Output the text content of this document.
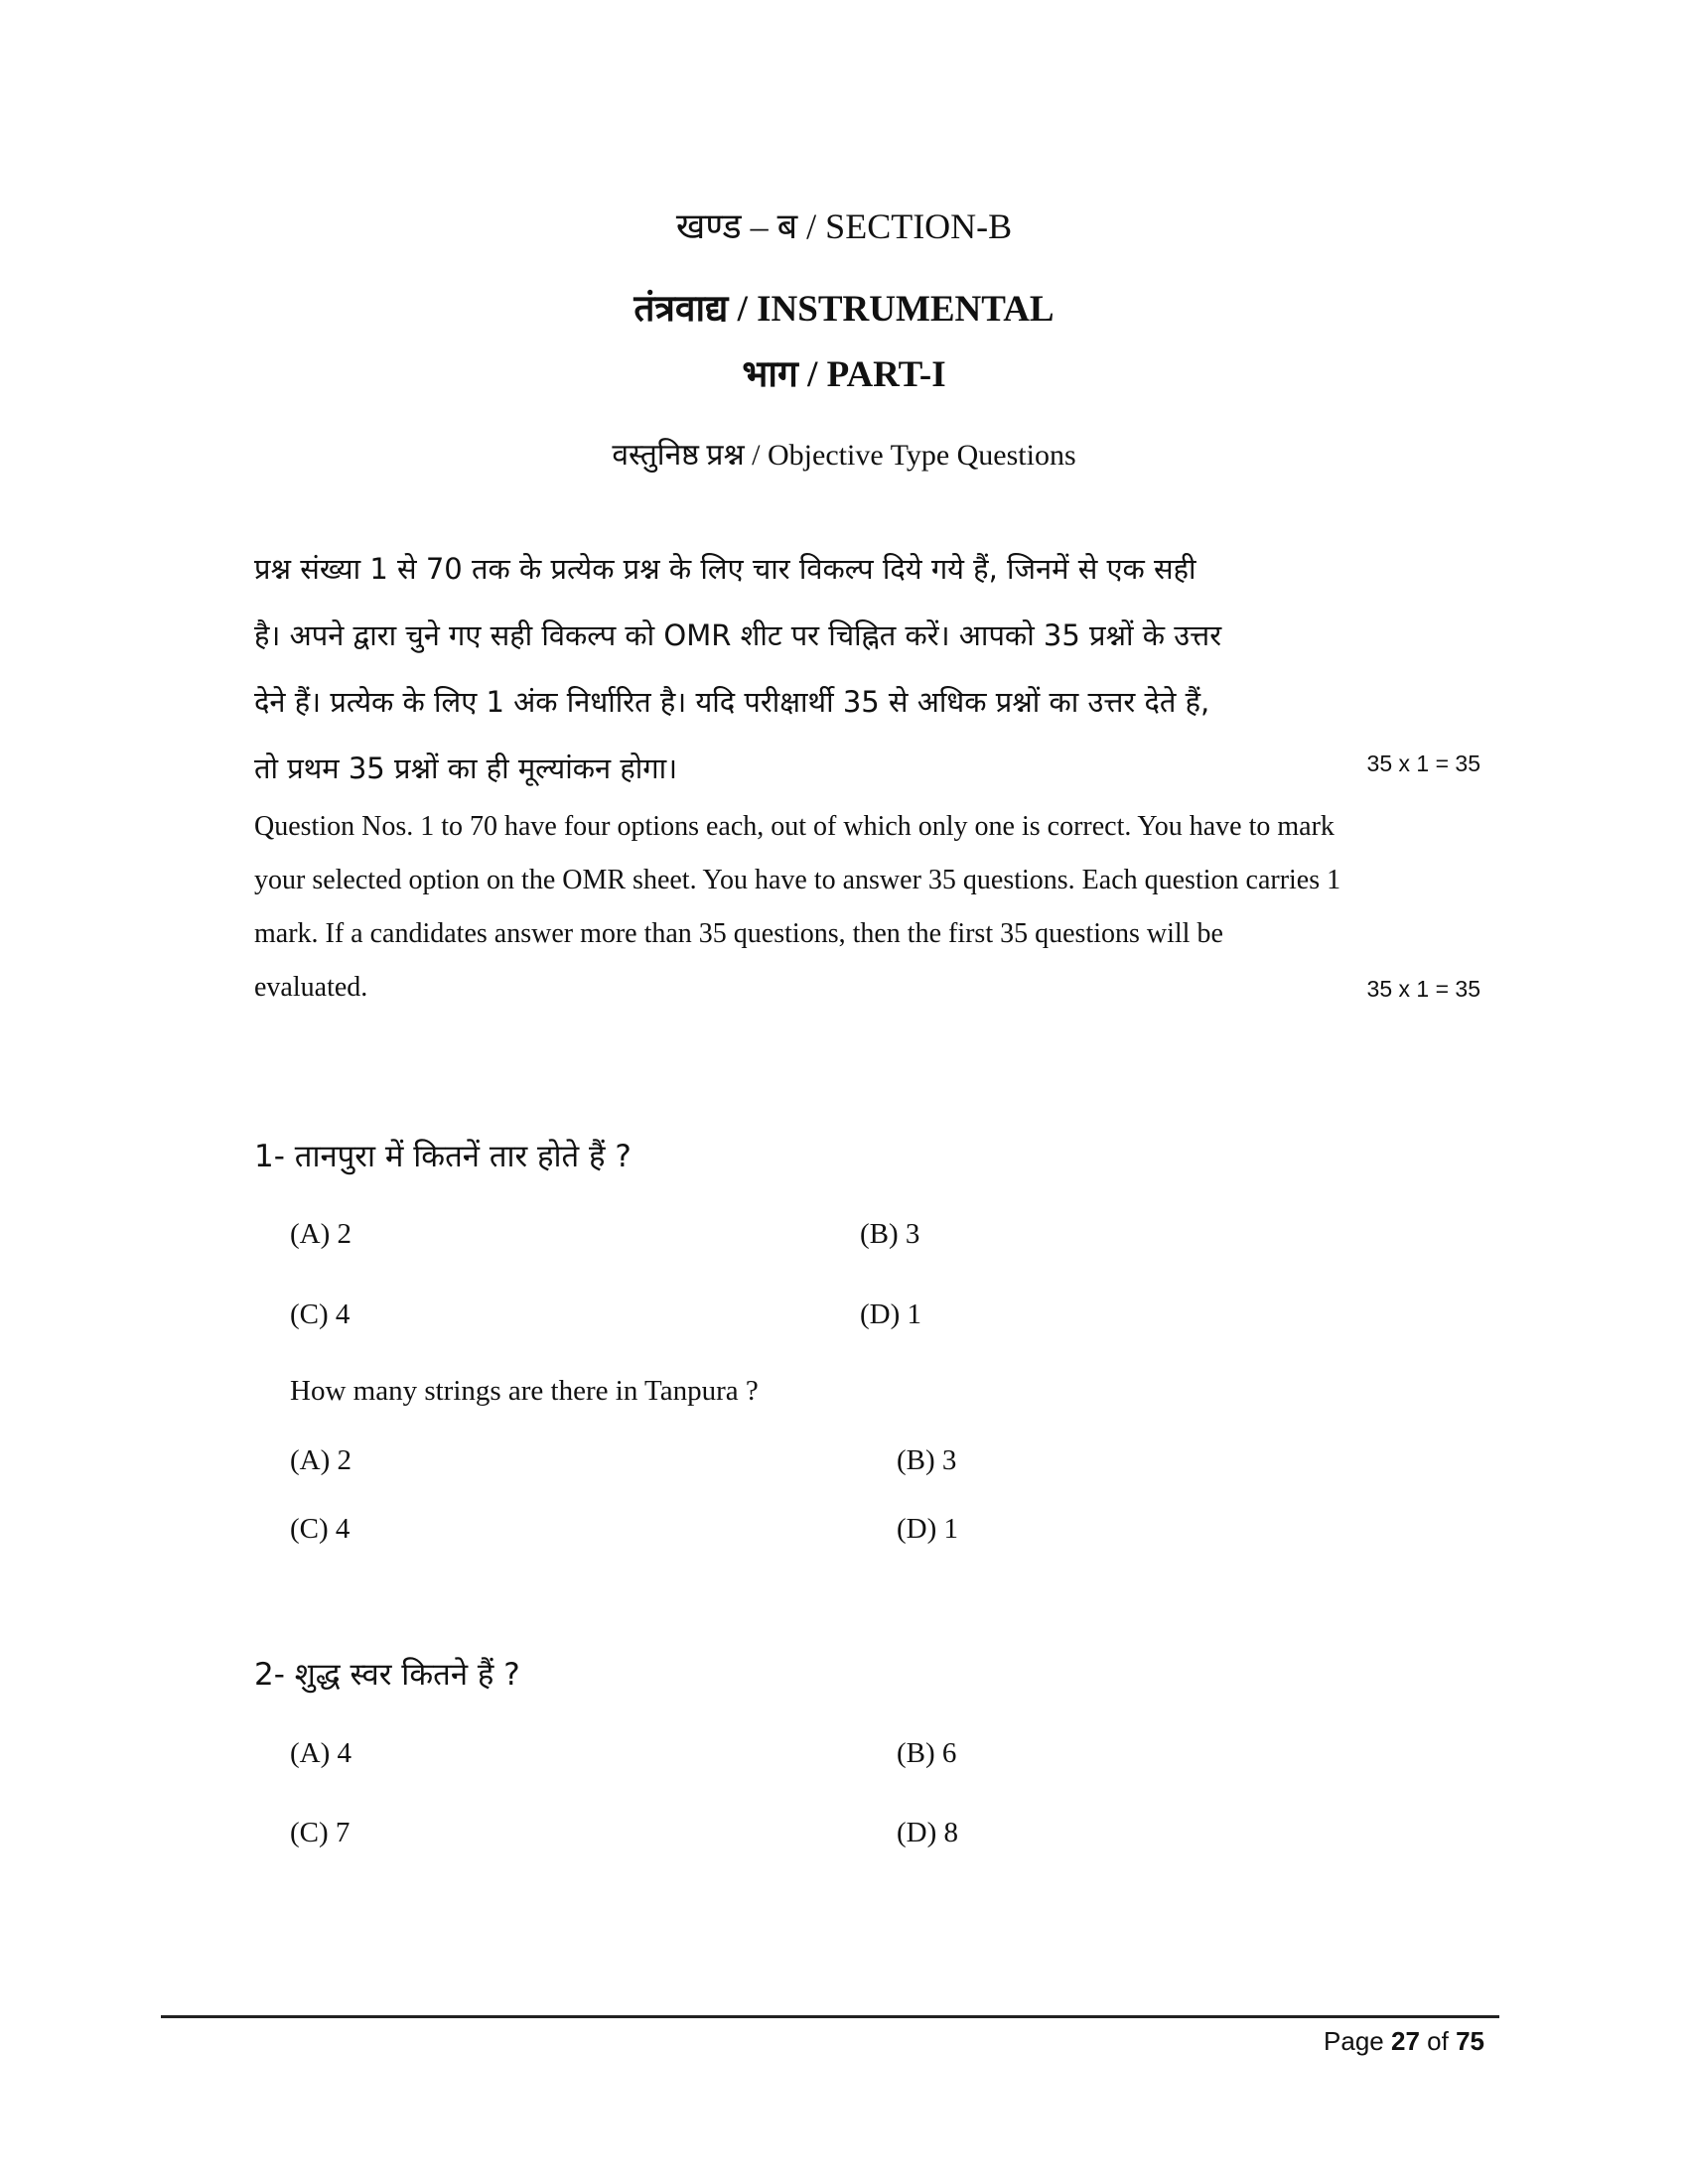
खण्ड – ब / SECTION-B
तंत्रवाद्य / INSTRUMENTAL
भाग / PART-I
वस्तुनिष्ठ प्रश्न / Objective Type Questions
प्रश्न संख्या 1 से 70 तक के प्रत्येक प्रश्न के लिए चार विकल्प दिये गये हैं, जिनमें से एक सही
है। अपने द्वारा चुने गए सही विकल्प को OMR शीट पर चिह्नित करें। आपको 35 प्रश्नों के उत्तर
देने हैं। प्रत्येक के लिए 1 अंक निर्धारित है। यदि परीक्षार्थी 35 से अधिक प्रश्नों का उत्तर देते हैं,
तो प्रथम 35 प्रश्नों का ही मूल्यांकन होगा।	35 x 1 = 35
Question Nos. 1 to 70 have four options each, out of which only one is correct. You have to mark
your selected option on the OMR sheet. You have to answer 35 questions. Each question carries 1
mark. If a candidates answer more than 35 questions, then the first 35 questions will be
evaluated.	35 x 1 = 35
1- तानपुरा में कितनें तार होते हैं ?
(A) 2	(B) 3
(C) 4	(D) 1
How many strings are there in Tanpura ?
(A) 2	(B) 3
(C) 4	(D) 1
2- शुद्ध स्वर कितने हैं ?
(A) 4	(B) 6
(C) 7	(D) 8
Page 27 of 75
